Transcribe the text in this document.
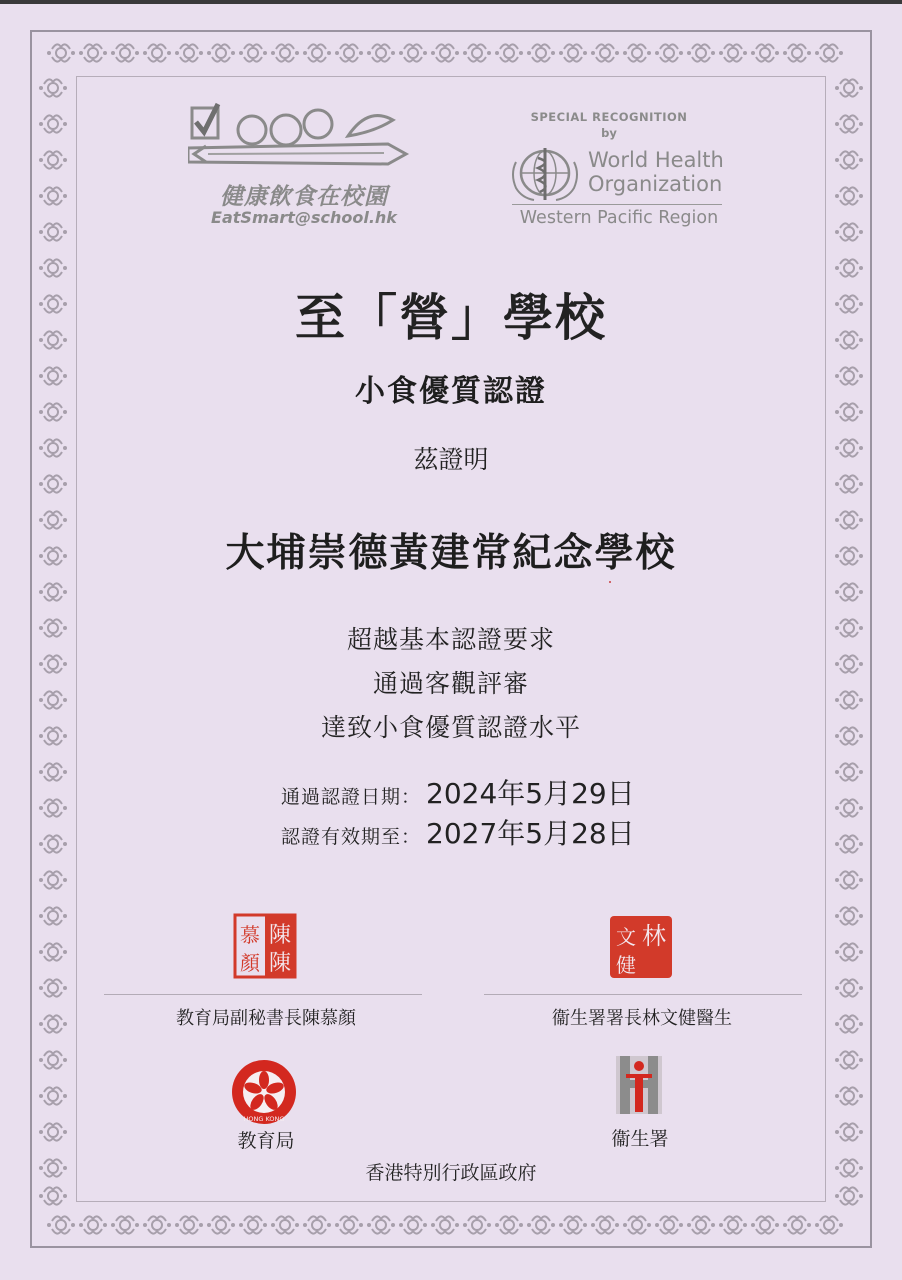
健康飲食在校園
EatSmart@school.hk
SPECIAL RECOGNITION
by
World Health
Organization
Western Pacific Region
至「營」學校
小食優質認證
茲證明
大埔崇德黃建常紀念學校
超越基本認證要求
通過客觀評審
達致小食優質認證水平
通過認證日期： 2024年5月29日
認證有效期至： 2027年5月28日
陳
陳
慕
顏
林
文
健
教育局副秘書長陳慕顏	衞生署署長林文健醫生
HONG KONG
教育局	衞生署
香港特別行政區政府
